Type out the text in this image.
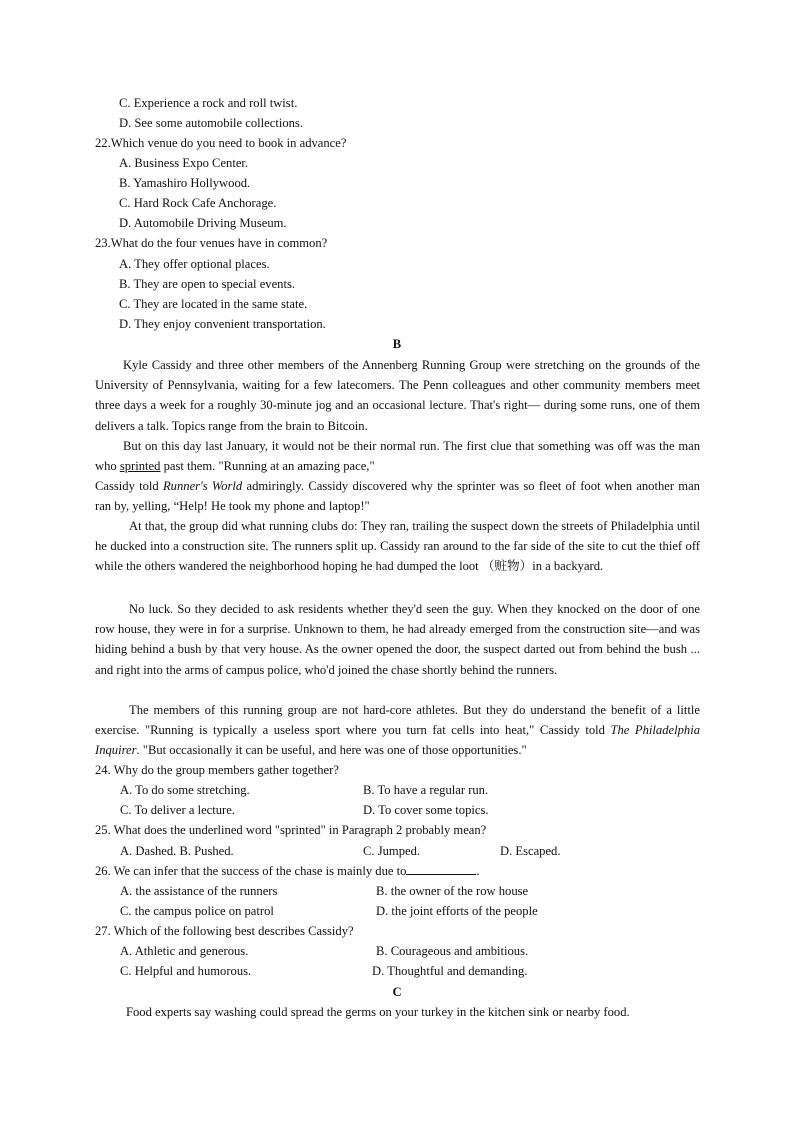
C. Experience a rock and roll twist.
D. See some automobile collections.
22.Which venue do you need to book in advance?
A. Business Expo Center.
B. Yamashiro Hollywood.
C. Hard Rock Cafe Anchorage.
D. Automobile Driving Museum.
23.What do the four venues have in common?
A. They offer optional places.
B. They are open to special events.
C. They are located in the same state.
D. They enjoy convenient transportation.
B

Kyle Cassidy and three other members of the Annenberg Running Group were stretching on the grounds of the University of Pennsylvania, waiting for a few latecomers. The Penn colleagues and other community members meet three days a week for a roughly 30-minute jog and an occasional lecture. That's right— during some runs, one of them delivers a talk. Topics range from the brain to Bitcoin.

But on this day last January, it would not be their normal run. The first clue that something was off was the man who sprinted past them. "Running at an amazing pace,"

Cassidy told Runner's World admiringly. Cassidy discovered why the sprinter was so fleet of foot when another man ran by, yelling, “Help! He took my phone and laptop!"

At that, the group did what running clubs do: They ran, trailing the suspect down the streets of Philadelphia until he ducked into a construction site. The runners split up. Cassidy ran around to the far side of the site to cut the thief off while the others wandered the neighborhood hoping he had dumped the loot （赃物）in a backyard.

No luck. So they decided to ask residents whether they'd seen the guy. When they knocked on the door of one row house, they were in for a surprise. Unknown to them, he had already emerged from the construction site—and was hiding behind a bush by that very house. As the owner opened the door, the suspect darted out from behind the bush ... and right into the arms of campus police, who'd joined the chase shortly behind the runners.

The members of this running group are not hard-core athletes. But they do understand the benefit of a little exercise. "Running is typically a useless sport where you turn fat cells into heat," Cassidy told The Philadelphia Inquirer. "But occasionally it can be useful, and here was one of those opportunities."

24. Why do the group members gather together?
A. To do some stretching.	B. To have a regular run.
C. To deliver a lecture.	D. To cover some topics.
25. What does the underlined word "sprinted" in Paragraph 2 probably mean?
A. Dashed. B. Pushed.	C. Jumped.	D. Escaped.
26. We can infer that the success of the chase is mainly due to	.
A. the assistance of the runners	B. the owner of the row house
C. the campus police on patrol	D. the joint efforts of the people
27. Which of the following best describes Cassidy?
A. Athletic and generous.	B. Courageous and ambitious.
C. Helpful and humorous.	D. Thoughtful and demanding.
C

Food experts say washing could spread the germs on your turkey in the kitchen sink or nearby food.
